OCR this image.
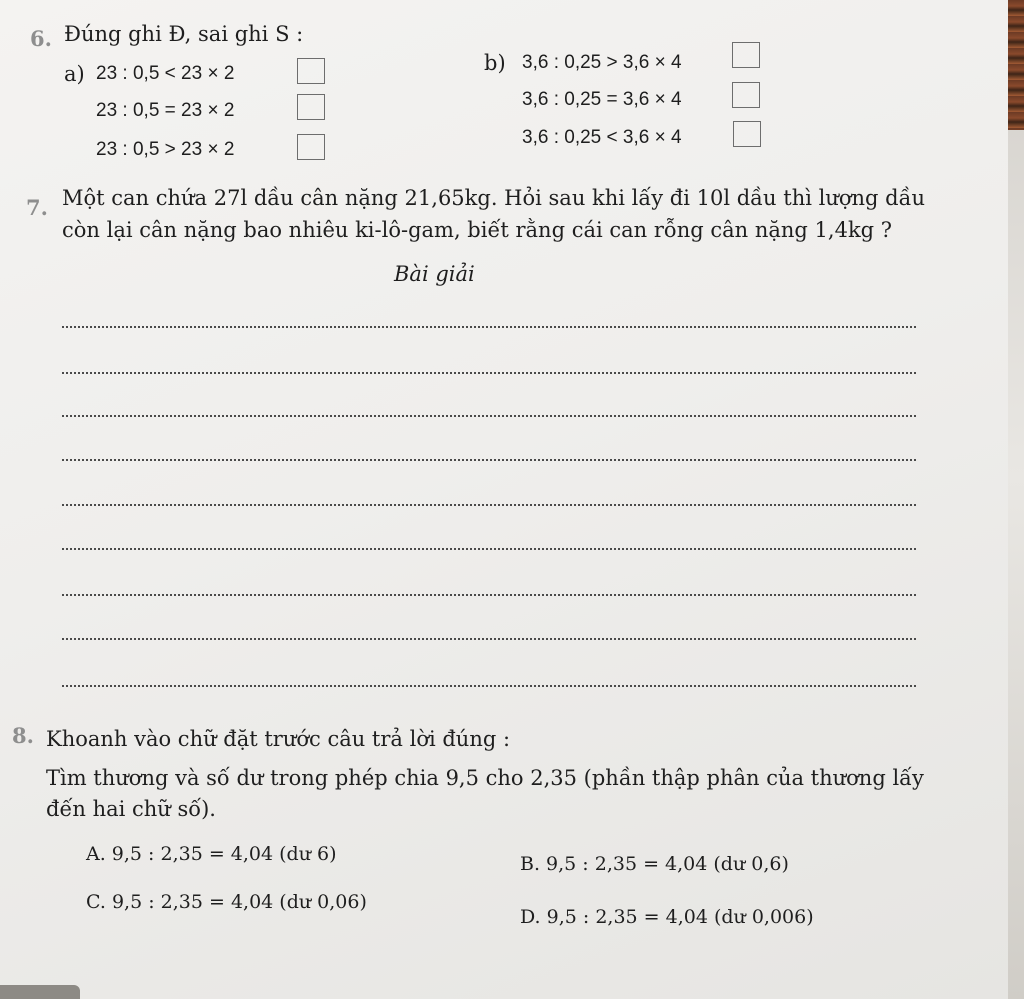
6. Đúng ghi Đ, sai ghi S :
a) 23 : 0,5 < 23 × 2
23 : 0,5 = 23 × 2
23 : 0,5 > 23 × 2
b) 3,6 : 0,25 > 3,6 × 4
3,6 : 0,25 = 3,6 × 4
3,6 : 0,25 < 3,6 × 4
7. Một can chứa 27l dầu cân nặng 21,65kg. Hỏi sau khi lấy đi 10l dầu thì lượng dầu
còn lại cân nặng bao nhiêu ki-lô-gam, biết rằng cái can rỗng cân nặng 1,4kg ?
Bài giải
8. Khoanh vào chữ đặt trước câu trả lời đúng :
Tìm thương và số dư trong phép chia 9,5 cho 2,35 (phần thập phân của thương lấy
đến hai chữ số).
A. 9,5 : 2,35 = 4,04 (dư 6)	B. 9,5 : 2,35 = 4,04 (dư 0,6)
C. 9,5 : 2,35 = 4,04 (dư 0,06)
D. 9,5 : 2,35 = 4,04 (dư 0,006)
